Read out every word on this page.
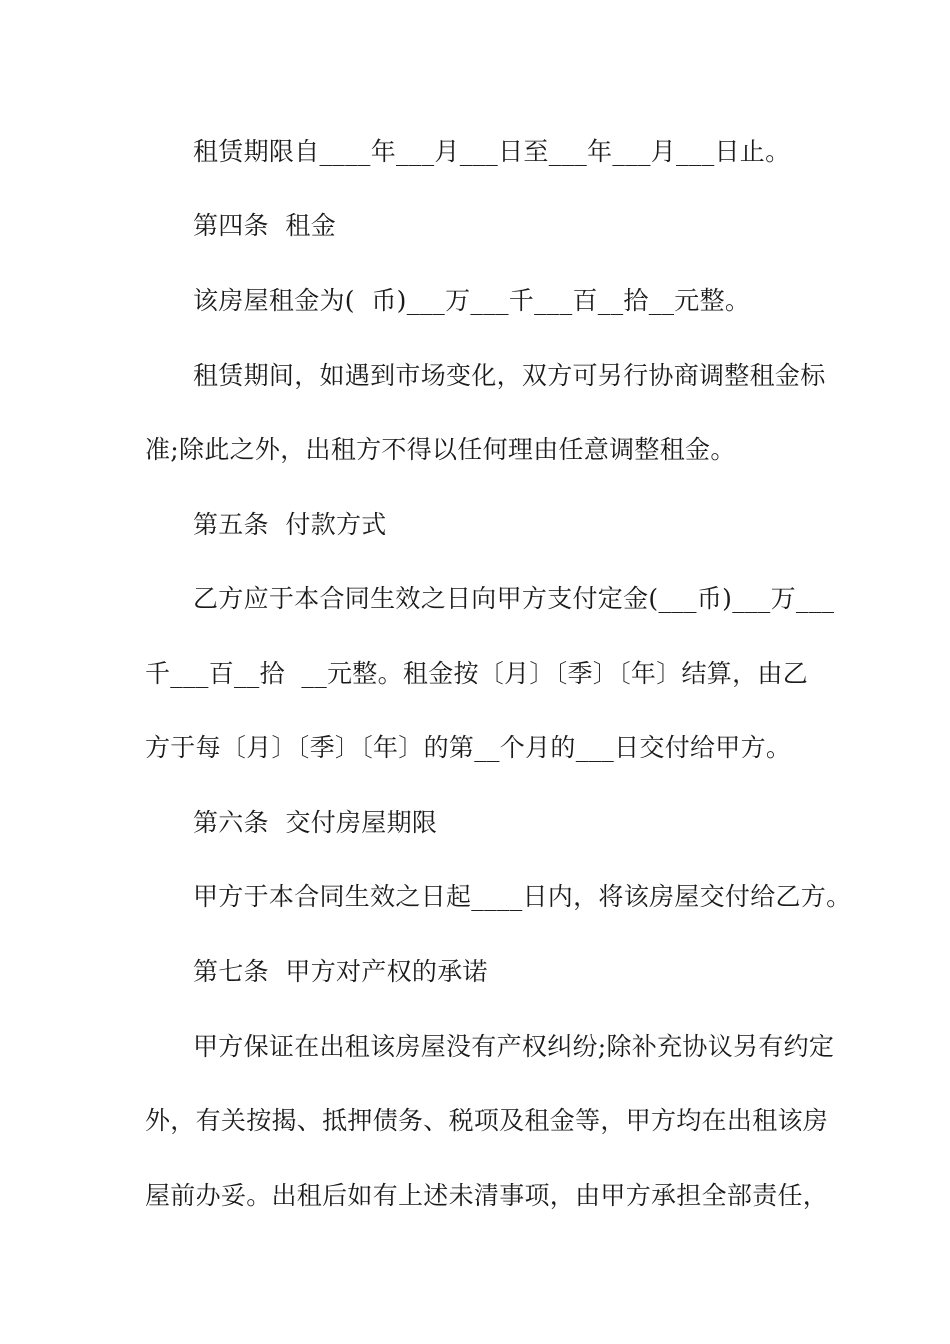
租赁期限自____年___月___日至___年___月___日止。
第四条  租金
该房屋租金为(  币)___万___千___百__拾__元整。
租赁期间，如遇到市场变化，双方可另行协商调整租金标
准;除此之外，出租方不得以任何理由任意调整租金。
第五条  付款方式
乙方应于本合同生效之日向甲方支付定金(___币)___万___
千___百__拾  __元整。租金按〔月〕〔季〕〔年〕结算，由乙
方于每〔月〕〔季〕〔年〕的第__个月的___日交付给甲方。
第六条  交付房屋期限
甲方于本合同生效之日起____日内，将该房屋交付给乙方。
第七条  甲方对产权的承诺
甲方保证在出租该房屋没有产权纠纷;除补充协议另有约定
外，有关按揭、抵押债务、税项及租金等，甲方均在出租该房
屋前办妥。出租后如有上述未清事项，由甲方承担全部责任，
